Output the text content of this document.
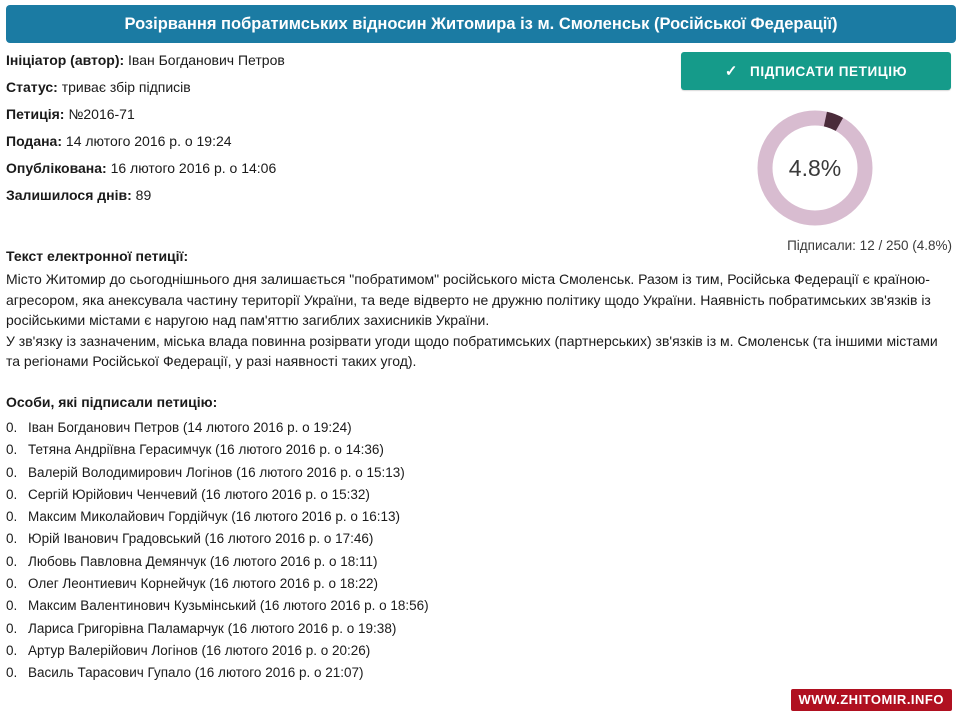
Розірвання побратимських відносин Житомира із м. Смоленськ (Російської Федерації)
Ініціатор (автор): Іван Богданович Петров
Статус: триває збір підписів
Петиція: №2016-71
Подана: 14 лютого 2016 р. о 19:24
Опублікована: 16 лютого 2016 р. о 14:06
Залишилося днів: 89
✓ ПІДПИСАТИ ПЕТИЦІЮ
4.8%
Підписали: 12 / 250 (4.8%)
Текст електронної петиції:

Місто Житомир до сьогоднішнього дня залишається "побратимом" російського міста Смоленськ. Разом із тим, Російська Федерації є країною-агресором, яка анексувала частину території України, та веде відверто не дружню політику щодо України. Наявність побратимських зв'язків із російськими містами є наругою над пам'яттю загиблих захисників України.

У зв'язку із зазначеним, міська влада повинна розірвати угоди щодо побратимських (партнерських) зв'язків із м. Смоленськ (та іншими містами та регіонами Російської Федерації, у разі наявності таких угод).

Особи, які підписали петицію:
0. Іван Богданович Петров (14 лютого 2016 р. о 19:24)
0. Тетяна Андріївна Герасимчук (16 лютого 2016 р. о 14:36)
0. Валерій Володимирович Логінов (16 лютого 2016 р. о 15:13)
0. Сергій Юрійович Ченчевий (16 лютого 2016 р. о 15:32)
0. Максим Миколайович Гордійчук (16 лютого 2016 р. о 16:13)
0. Юрій Іванович Градовський (16 лютого 2016 р. о 17:46)
0. Любовь Павловна Демянчук (16 лютого 2016 р. о 18:11)
0. Олег Леонтиевич Корнейчук (16 лютого 2016 р. о 18:22)
0. Максим Валентинович Кузьмінський (16 лютого 2016 р. о 18:56)
0. Лариса Григорівна Паламарчук (16 лютого 2016 р. о 19:38)
0. Артур Валерійович Логінов (16 лютого 2016 р. о 20:26)
0. Василь Тарасович Гупало (16 лютого 2016 р. о 21:07)
WWW.ZHITOMIR.INFO
